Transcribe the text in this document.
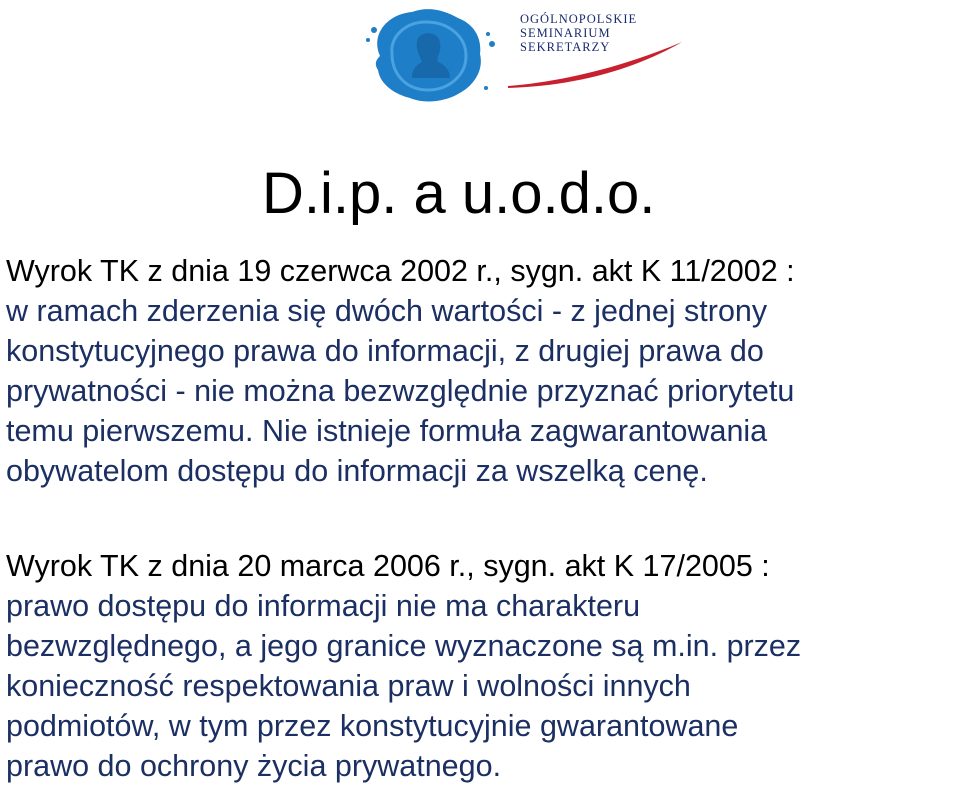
OGÓLNOPOLSKIE
SEMINARIUM
SEKRETARZY
D.i.p. a u.o.d.o.

Wyrok TK z dnia 19 czerwca 2002 r., sygn. akt K 11/2002 :
w ramach zderzenia się dwóch wartości - z jednej strony
konstytucyjnego prawa do informacji, z drugiej prawa do
prywatności - nie można bezwzględnie przyznać priorytetu
temu pierwszemu. Nie istnieje formuła zagwarantowania
obywatelom dostępu do informacji za wszelką cenę.

Wyrok TK z dnia 20 marca 2006 r., sygn. akt K 17/2005 :
prawo dostępu do informacji nie ma charakteru
bezwzględnego, a jego granice wyznaczone są m.in. przez
konieczność respektowania praw i wolności innych
podmiotów, w tym przez konstytucyjnie gwarantowane
prawo do ochrony życia prywatnego.
